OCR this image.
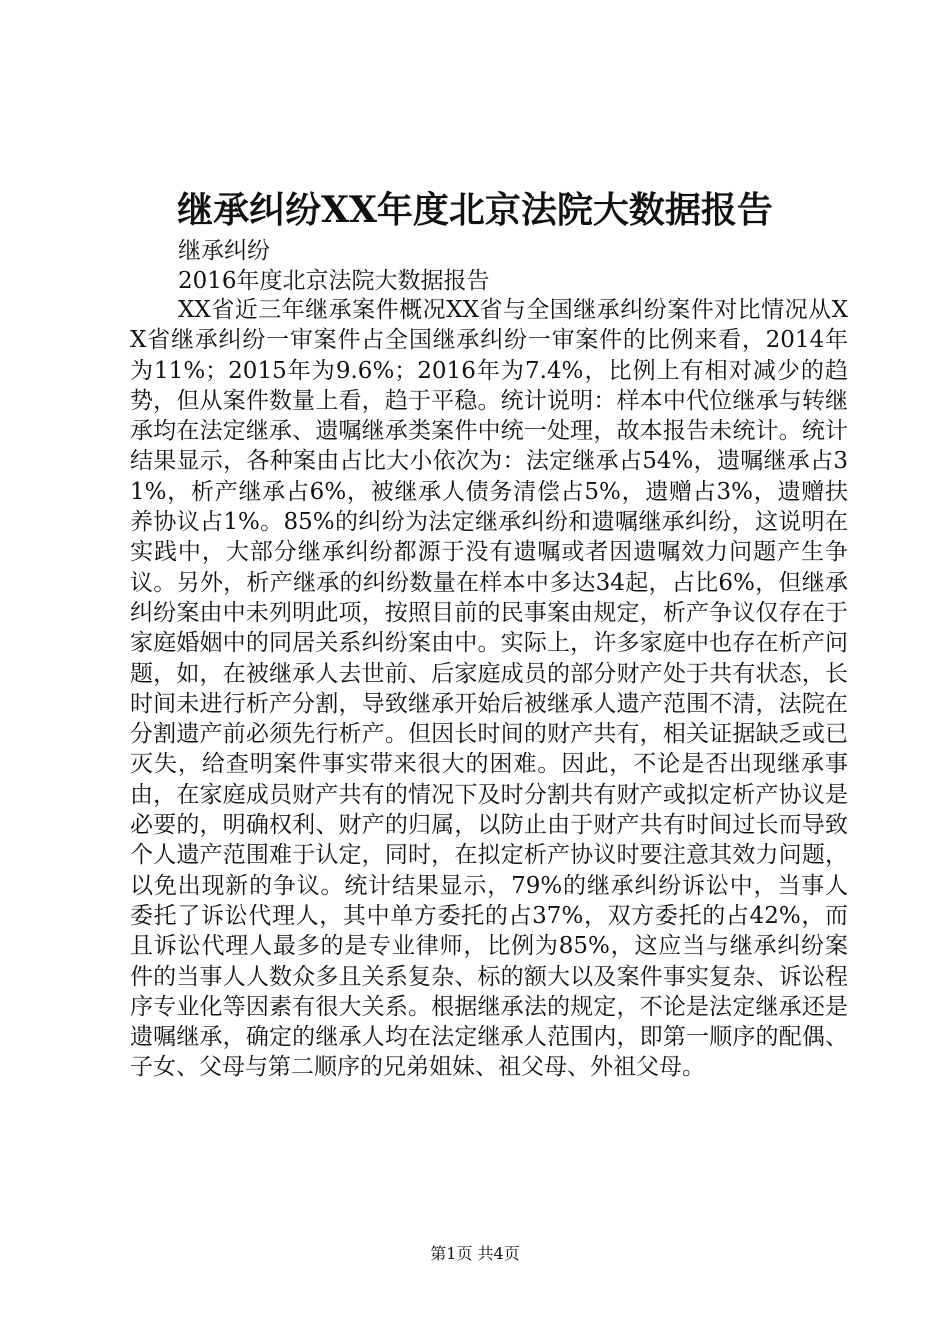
继承纠纷XX年度北京法院大数据报告

继承纠纷

2016年度北京法院大数据报告

XX省近三年继承案件概况XX省与全国继承纠纷案件对比情况从XX省继承纠纷一审案件占全国继承纠纷一审案件的比例来看，2014年为11%；2015年为9.6%；2016年为7.4%，比例上有相对减少的趋势，但从案件数量上看，趋于平稳。统计说明：样本中代位继承与转继承均在法定继承、遗嘱继承类案件中统一处理，故本报告未统计。统计结果显示，各种案由占比大小依次为：法定继承占54%，遗嘱继承占31%，析产继承占6%，被继承人债务清偿占5%，遗赠占3%，遗赠扶养协议占1%。85%的纠纷为法定继承纠纷和遗嘱继承纠纷，这说明在实践中，大部分继承纠纷都源于没有遗嘱或者因遗嘱效力问题产生争议。另外，析产继承的纠纷数量在样本中多达34起，占比6%，但继承纠纷案由中未列明此项，按照目前的民事案由规定，析产争议仅存在于家庭婚姻中的同居关系纠纷案由中。实际上，许多家庭中也存在析产问题，如，在被继承人去世前、后家庭成员的部分财产处于共有状态，长时间未进行析产分割，导致继承开始后被继承人遗产范围不清，法院在分割遗产前必须先行析产。但因长时间的财产共有，相关证据缺乏或已灭失，给查明案件事实带来很大的困难。因此，不论是否出现继承事由，在家庭成员财产共有的情况下及时分割共有财产或拟定析产协议是必要的，明确权利、财产的归属，以防止由于财产共有时间过长而导致个人遗产范围难于认定，同时，在拟定析产协议时要注意其效力问题，以免出现新的争议。统计结果显示，79%的继承纠纷诉讼中，当事人委托了诉讼代理人，其中单方委托的占37%，双方委托的占42%，而且诉讼代理人最多的是专业律师，比例为85%，这应当与继承纠纷案件的当事人人数众多且关系复杂、标的额大以及案件事实复杂、诉讼程序专业化等因素有很大关系。根据继承法的规定，不论是法定继承还是遗嘱继承，确定的继承人均在法定继承人范围内，即第一顺序的配偶、子女、父母与第二顺序的兄弟姐妹、祖父母、外祖父母。

第1页 共4页
